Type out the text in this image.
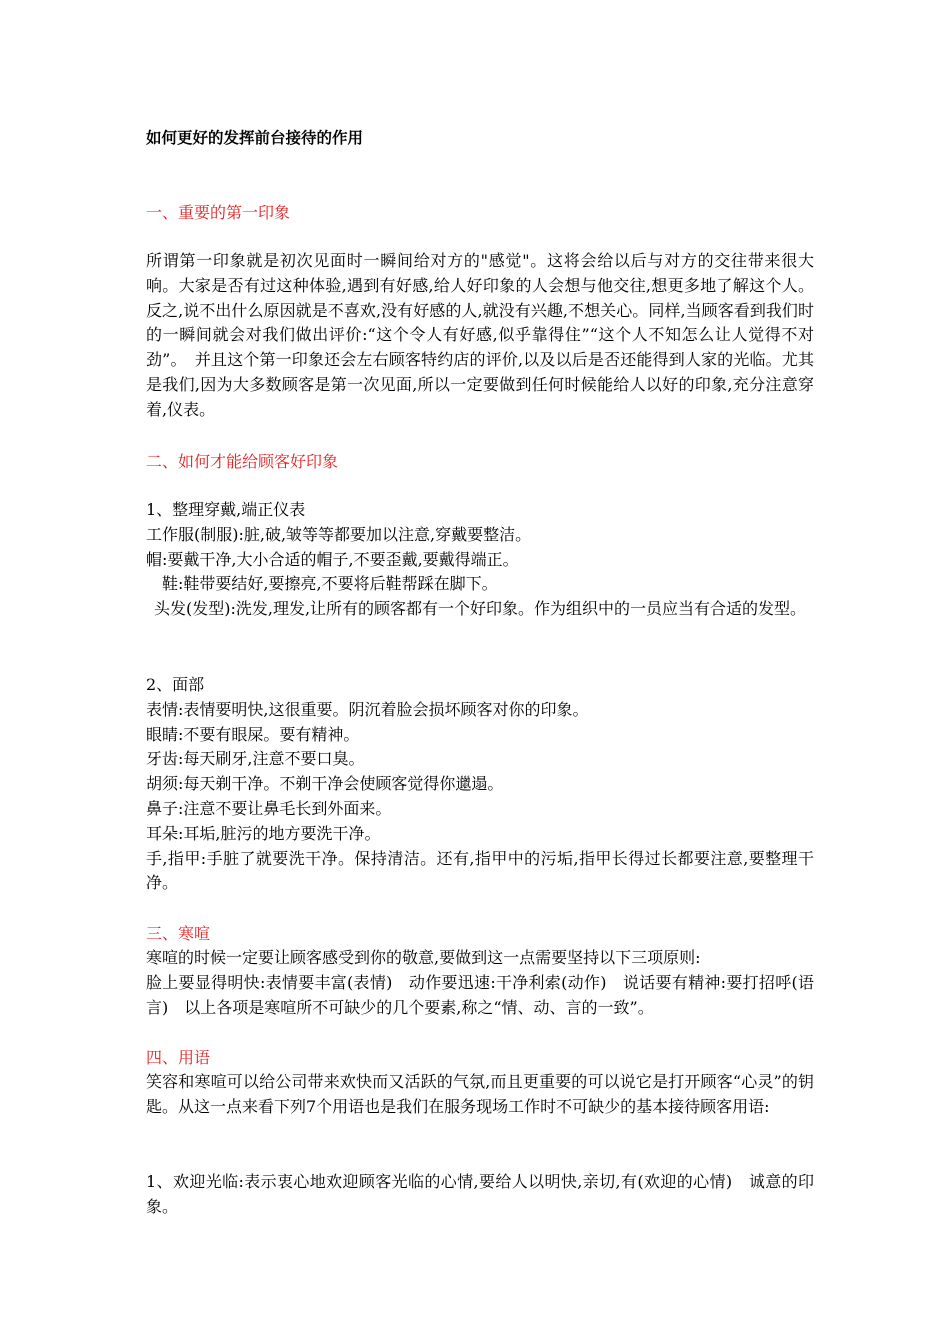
如何更好的发挥前台接待的作用
一、重要的第一印象
所谓第一印象就是初次见面时一瞬间给对方的"感觉"。这将会给以后与对方的交往带来很大响。大家是否有过这种体验,遇到有好感,给人好印象的人会想与他交往,想更多地了解这个人。反之,说不出什么原因就是不喜欢,没有好感的人,就没有兴趣,不想关心。同样,当顾客看到我们时的一瞬间就会对我们做出评价:“这个令人有好感,似乎靠得住”“这个人不知怎么让人觉得不对劲”。　并且这个第一印象还会左右顾客特约店的评价,以及以后是否还能得到人家的光临。尤其是我们,因为大多数顾客是第一次见面,所以一定要做到任何时候能给人以好的印象,充分注意穿着,仪表。
二、如何才能给顾客好印象
1、整理穿戴,端正仪表
工作服(制服):脏,破,皱等等都要加以注意,穿戴要整洁。
帽:要戴干净,大小合适的帽子,不要歪戴,要戴得端正。
鞋:鞋带要结好,要擦亮,不要将后鞋帮踩在脚下。
头发(发型):洗发,理发,让所有的顾客都有一个好印象。作为组织中的一员应当有合适的发型。
2、面部
表情:表情要明快,这很重要。阴沉着脸会损坏顾客对你的印象。
眼睛:不要有眼屎。要有精神。
牙齿:每天刷牙,注意不要口臭。
胡须:每天剃干净。不剃干净会使顾客觉得你邋遢。
鼻子:注意不要让鼻毛长到外面来。
耳朵:耳垢,脏污的地方要洗干净。
手,指甲:手脏了就要洗干净。保持清洁。还有,指甲中的污垢,指甲长得过长都要注意,要整理干净。
三、寒喧
寒喧的时候一定要让顾客感受到你的敬意,要做到这一点需要坚持以下三项原则:
脸上要显得明快:表情要丰富(表情)　动作要迅速:干净利索(动作)　说话要有精神:要打招呼(语言)　以上各项是寒喧所不可缺少的几个要素,称之“情、动、言的一致”。
四、用语
笑容和寒喧可以给公司带来欢快而又活跃的气氛,而且更重要的可以说它是打开顾客“心灵”的钥匙。从这一点来看下列7个用语也是我们在服务现场工作时不可缺少的基本接待顾客用语:
1、欢迎光临:表示衷心地欢迎顾客光临的心情,要给人以明快,亲切,有(欢迎的心情)　诚意的印象。
